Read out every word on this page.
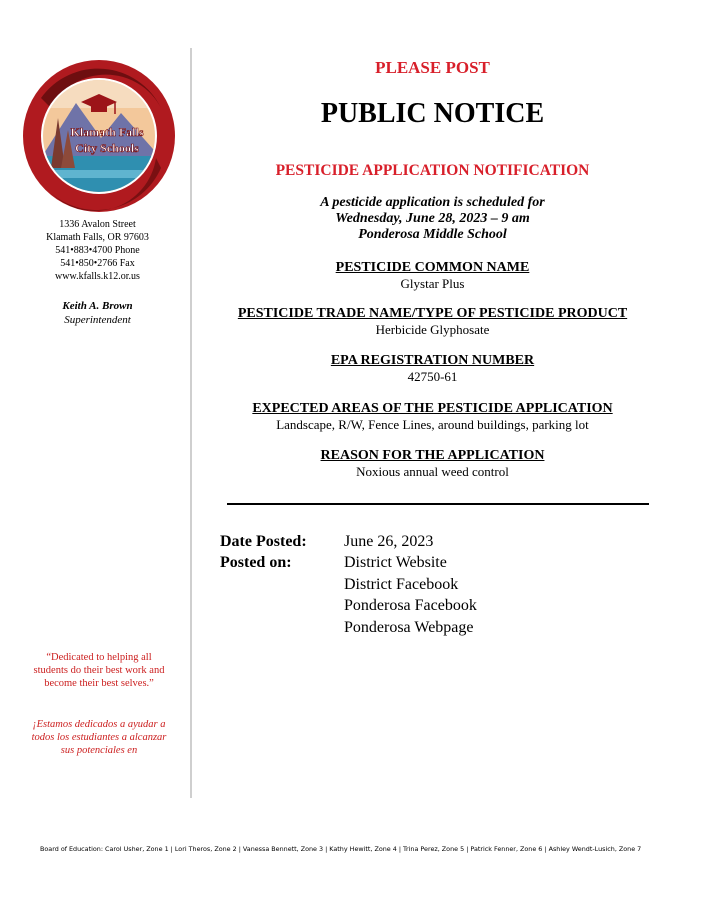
Klamath Falls
City Schools
1336 Avalon Street
Klamath Falls, OR 97603
541•883•4700 Phone
541•850•2766 Fax
www.kfalls.k12.or.us
Keith A. Brown
Superintendent
“Dedicated to helping all students do their best work and become their best selves.”
¡Estamos dedicados a ayudar a todos los estudiantes a alcanzar sus potenciales en
PLEASE POST
PUBLIC NOTICE
PESTICIDE APPLICATION NOTIFICATION
A pesticide application is scheduled for
Wednesday, June 28, 2023 – 9 am
Ponderosa Middle School
PESTICIDE COMMON NAME
Glystar Plus
PESTICIDE TRADE NAME/TYPE OF PESTICIDE PRODUCT
Herbicide Glyphosate
EPA REGISTRATION NUMBER
42750-61
EXPECTED AREAS OF THE PESTICIDE APPLICATION
Landscape, R/W, Fence Lines, around buildings, parking lot
REASON FOR THE APPLICATION
Noxious annual weed control
Date Posted:	June 26, 2023
Posted on:	District Website
District Facebook
Ponderosa Facebook
Ponderosa Webpage
Board of Education: Carol Usher, Zone 1 | Lori Theros, Zone 2 | Vanessa Bennett, Zone 3 | Kathy Hewitt, Zone 4 | Trina Perez, Zone 5 | Patrick Fenner, Zone 6 | Ashley Wendt-Lusich, Zone 7
